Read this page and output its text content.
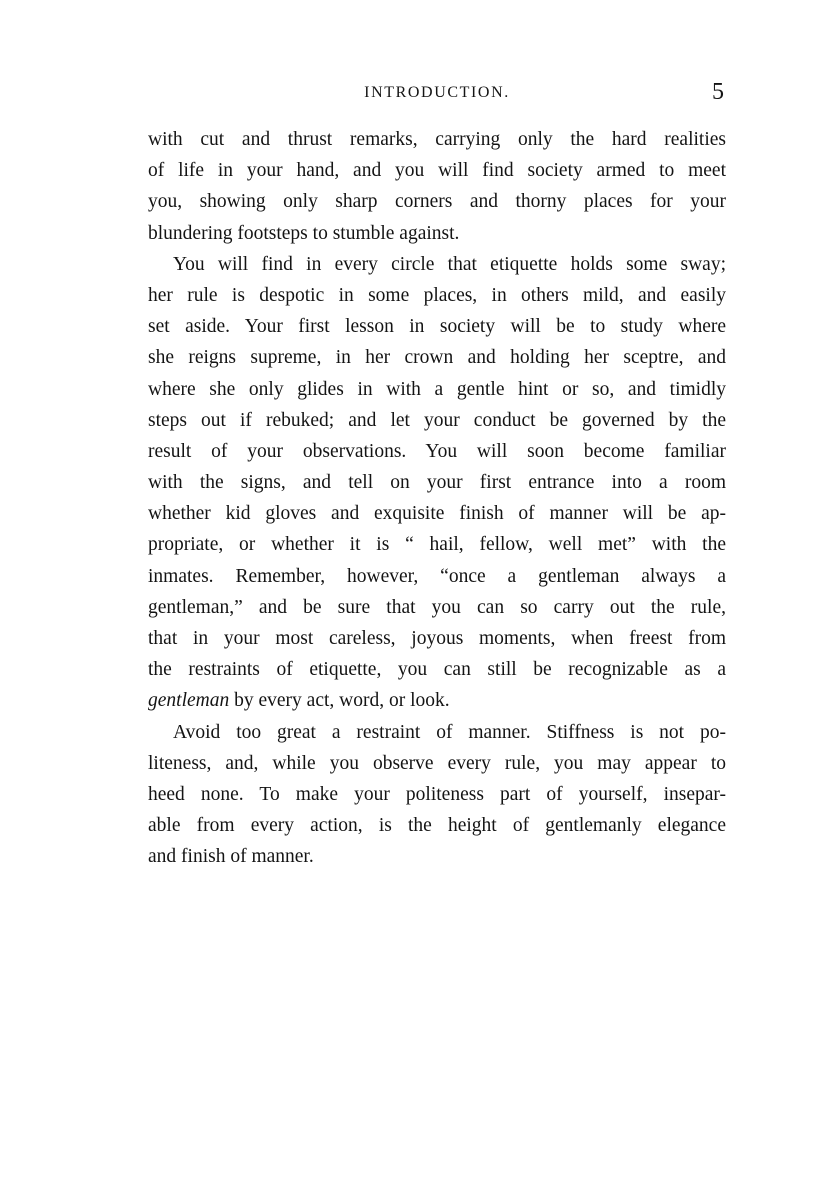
INTRODUCTION.	5
with cut and thrust remarks, carrying only the hard realities
of life in your hand, and you will find society armed to meet
you, showing only sharp corners and thorny places for your
blundering footsteps to stumble against.
You will find in every circle that etiquette holds some sway;
her rule is despotic in some places, in others mild, and easily
set aside. Your first lesson in society will be to study where
she reigns supreme, in her crown and holding her sceptre, and
where she only glides in with a gentle hint or so, and timidly
steps out if rebuked; and let your conduct be governed by the
result of your observations. You will soon become familiar
with the signs, and tell on your first entrance into a room
whether kid gloves and exquisite finish of manner will be ap-
propriate, or whether it is “ hail, fellow, well met” with the
inmates. Remember, however, “once a gentleman always a
gentleman,” and be sure that you can so carry out the rule,
that in your most careless, joyous moments, when freest from
the restraints of etiquette, you can still be recognizable as a
gentleman by every act, word, or look.
Avoid too great a restraint of manner. Stiffness is not po-
liteness, and, while you observe every rule, you may appear to
heed none. To make your politeness part of yourself, insepar-
able from every action, is the height of gentlemanly elegance
and finish of manner.
